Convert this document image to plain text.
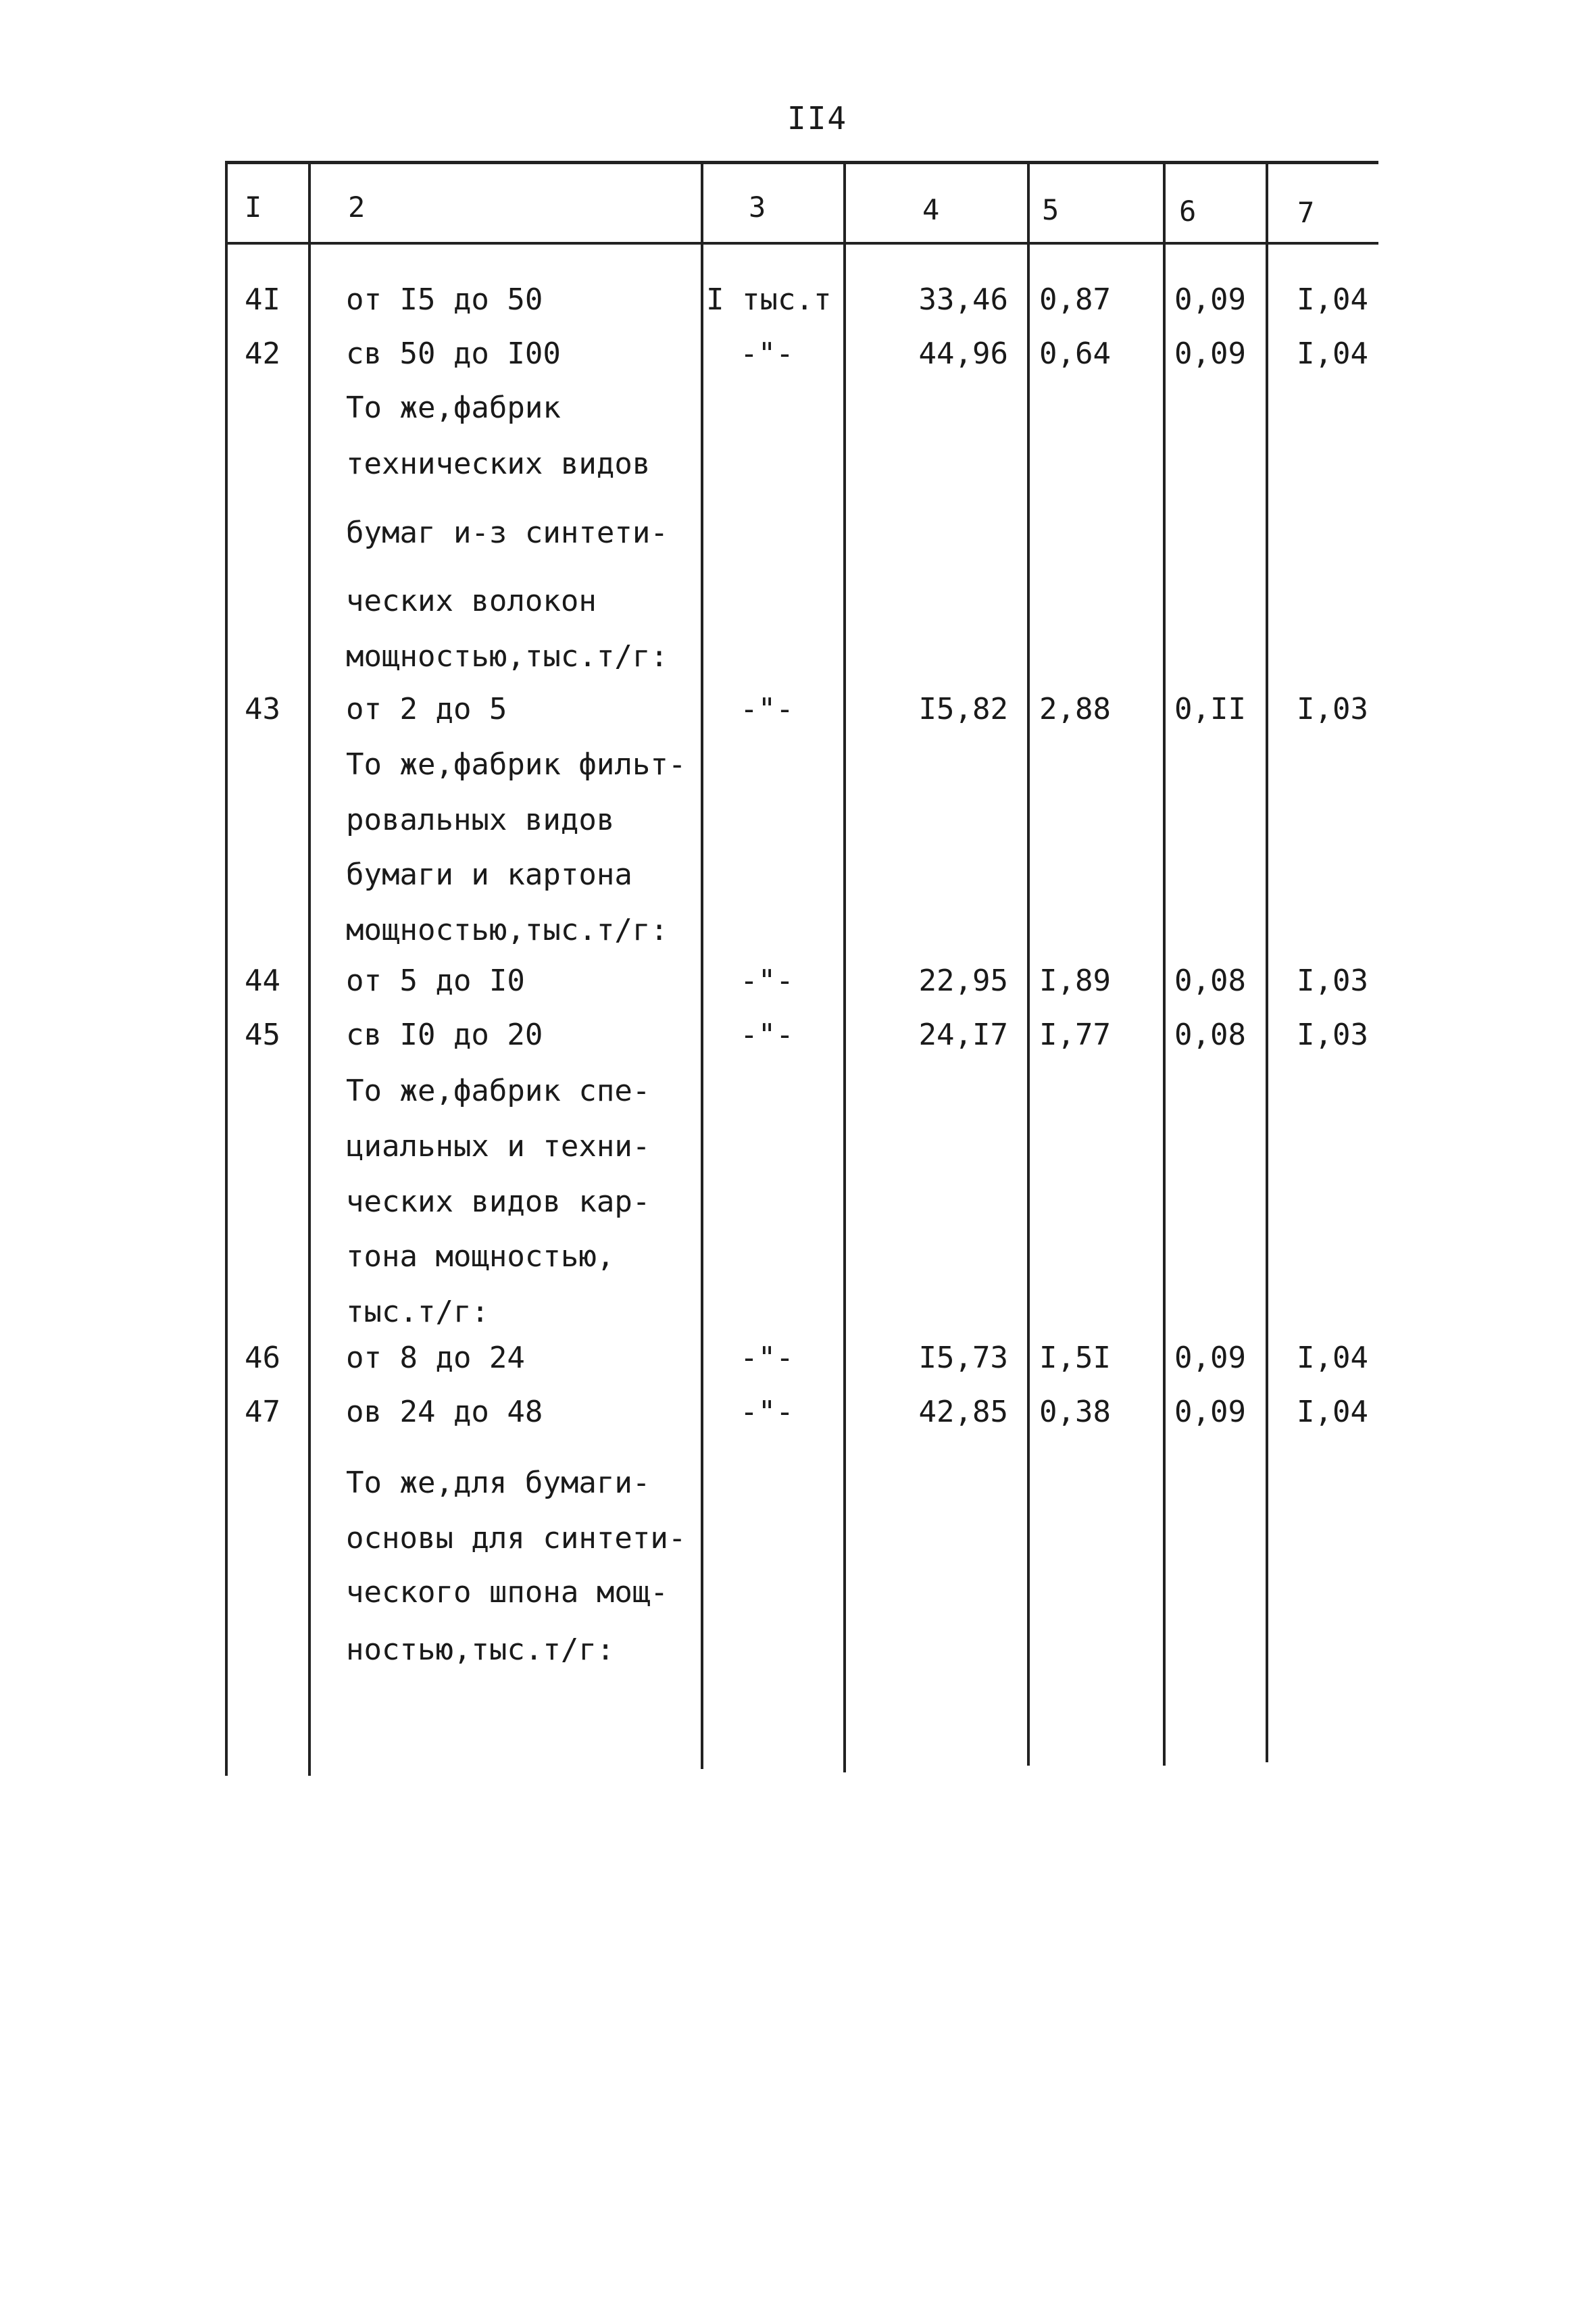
II4
I	2	3	4	5	6	7
4I от I5 до 50	I тыс.т	33,46 0,87 0,09	I,04
42 св 50 до I00	-"-	44,96 0,64 0,09	I,04
То же,фабрик
технических видов
бумаг и-з синтети-
ческих волокон
мощностью,тыс.т/г:
43 от 2 до 5	-"-	I5,82 2,88 0,II	I,03
То же,фабрик фильт-
ровальных видов
бумаги и картона
мощностью,тыс.т/г:
44 от 5 до I0	-"-	22,95 I,89 0,08	I,03
45 св I0 до 20	-"-	24,I7 I,77 0,08	I,03
То же,фабрик спе-
циальных и техни-
ческих видов кар-
тона мощностью,
тыс.т/г:
46 от 8 до 24	-"-	I5,73 I,5I 0,09	I,04
47 ов 24 до 48	-"-	42,85 0,38 0,09	I,04
То же,для бумаги-
основы для синтети-
ческого шпона мощ-
ностью,тыс.т/г:
